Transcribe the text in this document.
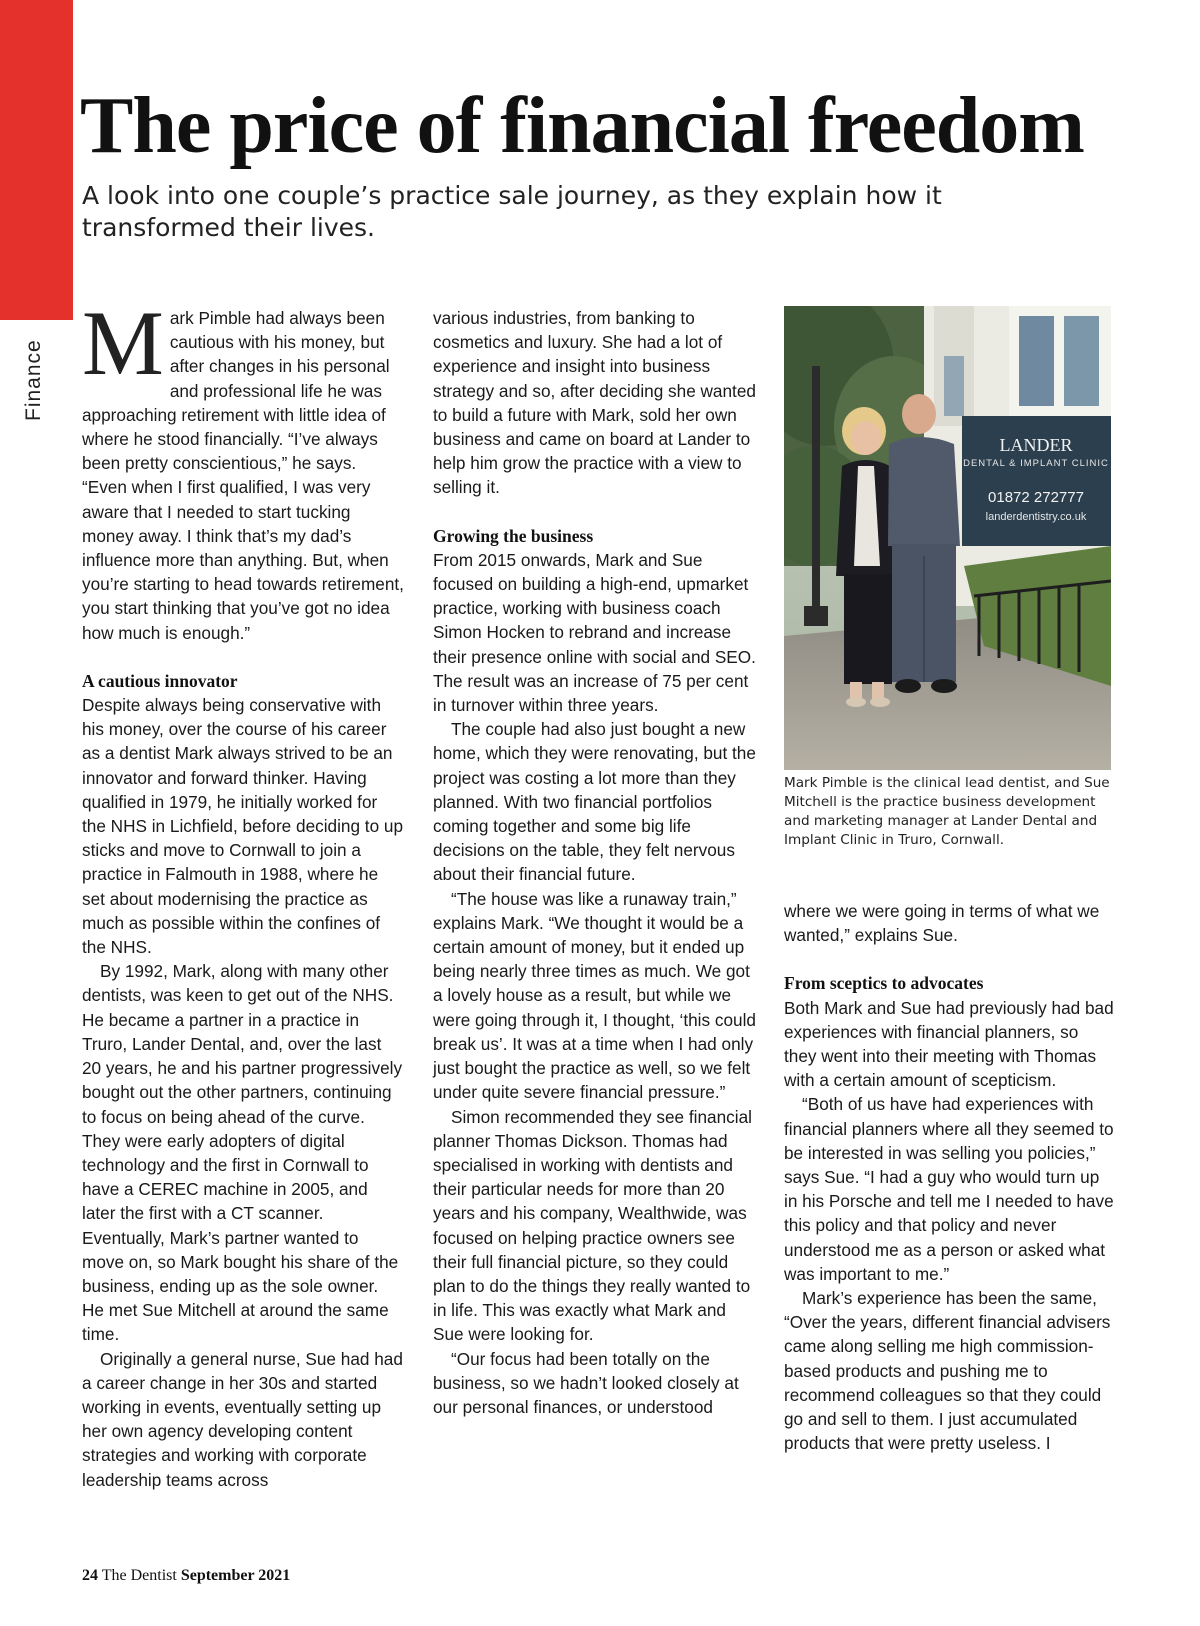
Finance
The price of financial freedom

A look into one couple’s practice sale journey, as they explain how it transformed their lives.

Mark Pimble had always been cautious with his money, but after changes in his personal and professional life he was approaching retirement with little idea of where he stood financially. “I’ve always been pretty conscientious,” he says. “Even when I first qualified, I was very aware that I needed to start tucking money away. I think that’s my dad’s influence more than anything. But, when you’re starting to head towards retirement, you start thinking that you’ve got no idea how much is enough.”

A cautious innovator

Despite always being conservative with his money, over the course of his career as a dentist Mark always strived to be an innovator and forward thinker. Having qualified in 1979, he initially worked for the NHS in Lichfield, before deciding to up sticks and move to Cornwall to join a practice in Falmouth in 1988, where he set about modernising the practice as much as possible within the confines of the NHS.

By 1992, Mark, along with many other dentists, was keen to get out of the NHS. He became a partner in a practice in Truro, Lander Dental, and, over the last 20 years, he and his partner progressively bought out the other partners, continuing to focus on being ahead of the curve. They were early adopters of digital technology and the first in Cornwall to have a CEREC machine in 2005, and later the first with a CT scanner. Eventually, Mark’s partner wanted to move on, so Mark bought his share of the business, ending up as the sole owner. He met Sue Mitchell at around the same time.

Originally a general nurse, Sue had had a career change in her 30s and started working in events, eventually setting up her own agency developing content strategies and working with corporate leadership teams across

various industries, from banking to cosmetics and luxury. She had a lot of experience and insight into business strategy and so, after deciding she wanted to build a future with Mark, sold her own business and came on board at Lander to help him grow the practice with a view to selling it.

Growing the business

From 2015 onwards, Mark and Sue focused on building a high-end, upmarket practice, working with business coach Simon Hocken to rebrand and increase their presence online with social and SEO. The result was an increase of 75 per cent in turnover within three years.

The couple had also just bought a new home, which they were renovating, but the project was costing a lot more than they planned. With two financial portfolios coming together and some big life decisions on the table, they felt nervous about their financial future.

“The house was like a runaway train,” explains Mark. “We thought it would be a certain amount of money, but it ended up being nearly three times as much. We got a lovely house as a result, but while we were going through it, I thought, ‘this could break us’. It was at a time when I had only just bought the practice as well, so we felt under quite severe financial pressure.”

Simon recommended they see financial planner Thomas Dickson. Thomas had specialised in working with dentists and their particular needs for more than 20 years and his company, Wealthwide, was focused on helping practice owners see their full financial picture, so they could plan to do the things they really wanted to in life. This was exactly what Mark and Sue were looking for.

“Our focus had been totally on the business, so we hadn’t looked closely at our personal finances, or understood

LANDER
DENTAL & IMPLANT CLINIC
01872 272777
landerdentistry.co.uk

Mark Pimble is the clinical lead dentist, and Sue Mitchell is the practice business development and marketing manager at Lander Dental and Implant Clinic in Truro, Cornwall.

where we were going in terms of what we wanted,” explains Sue.

From sceptics to advocates

Both Mark and Sue had previously had bad experiences with financial planners, so they went into their meeting with Thomas with a certain amount of scepticism.

“Both of us have had experiences with financial planners where all they seemed to be interested in was selling you policies,” says Sue. “I had a guy who would turn up in his Porsche and tell me I needed to have this policy and that policy and never understood me as a person or asked what was important to me.”

Mark’s experience has been the same, “Over the years, different financial advisers came along selling me high commission-based products and pushing me to recommend colleagues so that they could go and sell to them. I just accumulated products that were pretty useless. I

24 The Dentist September 2021
